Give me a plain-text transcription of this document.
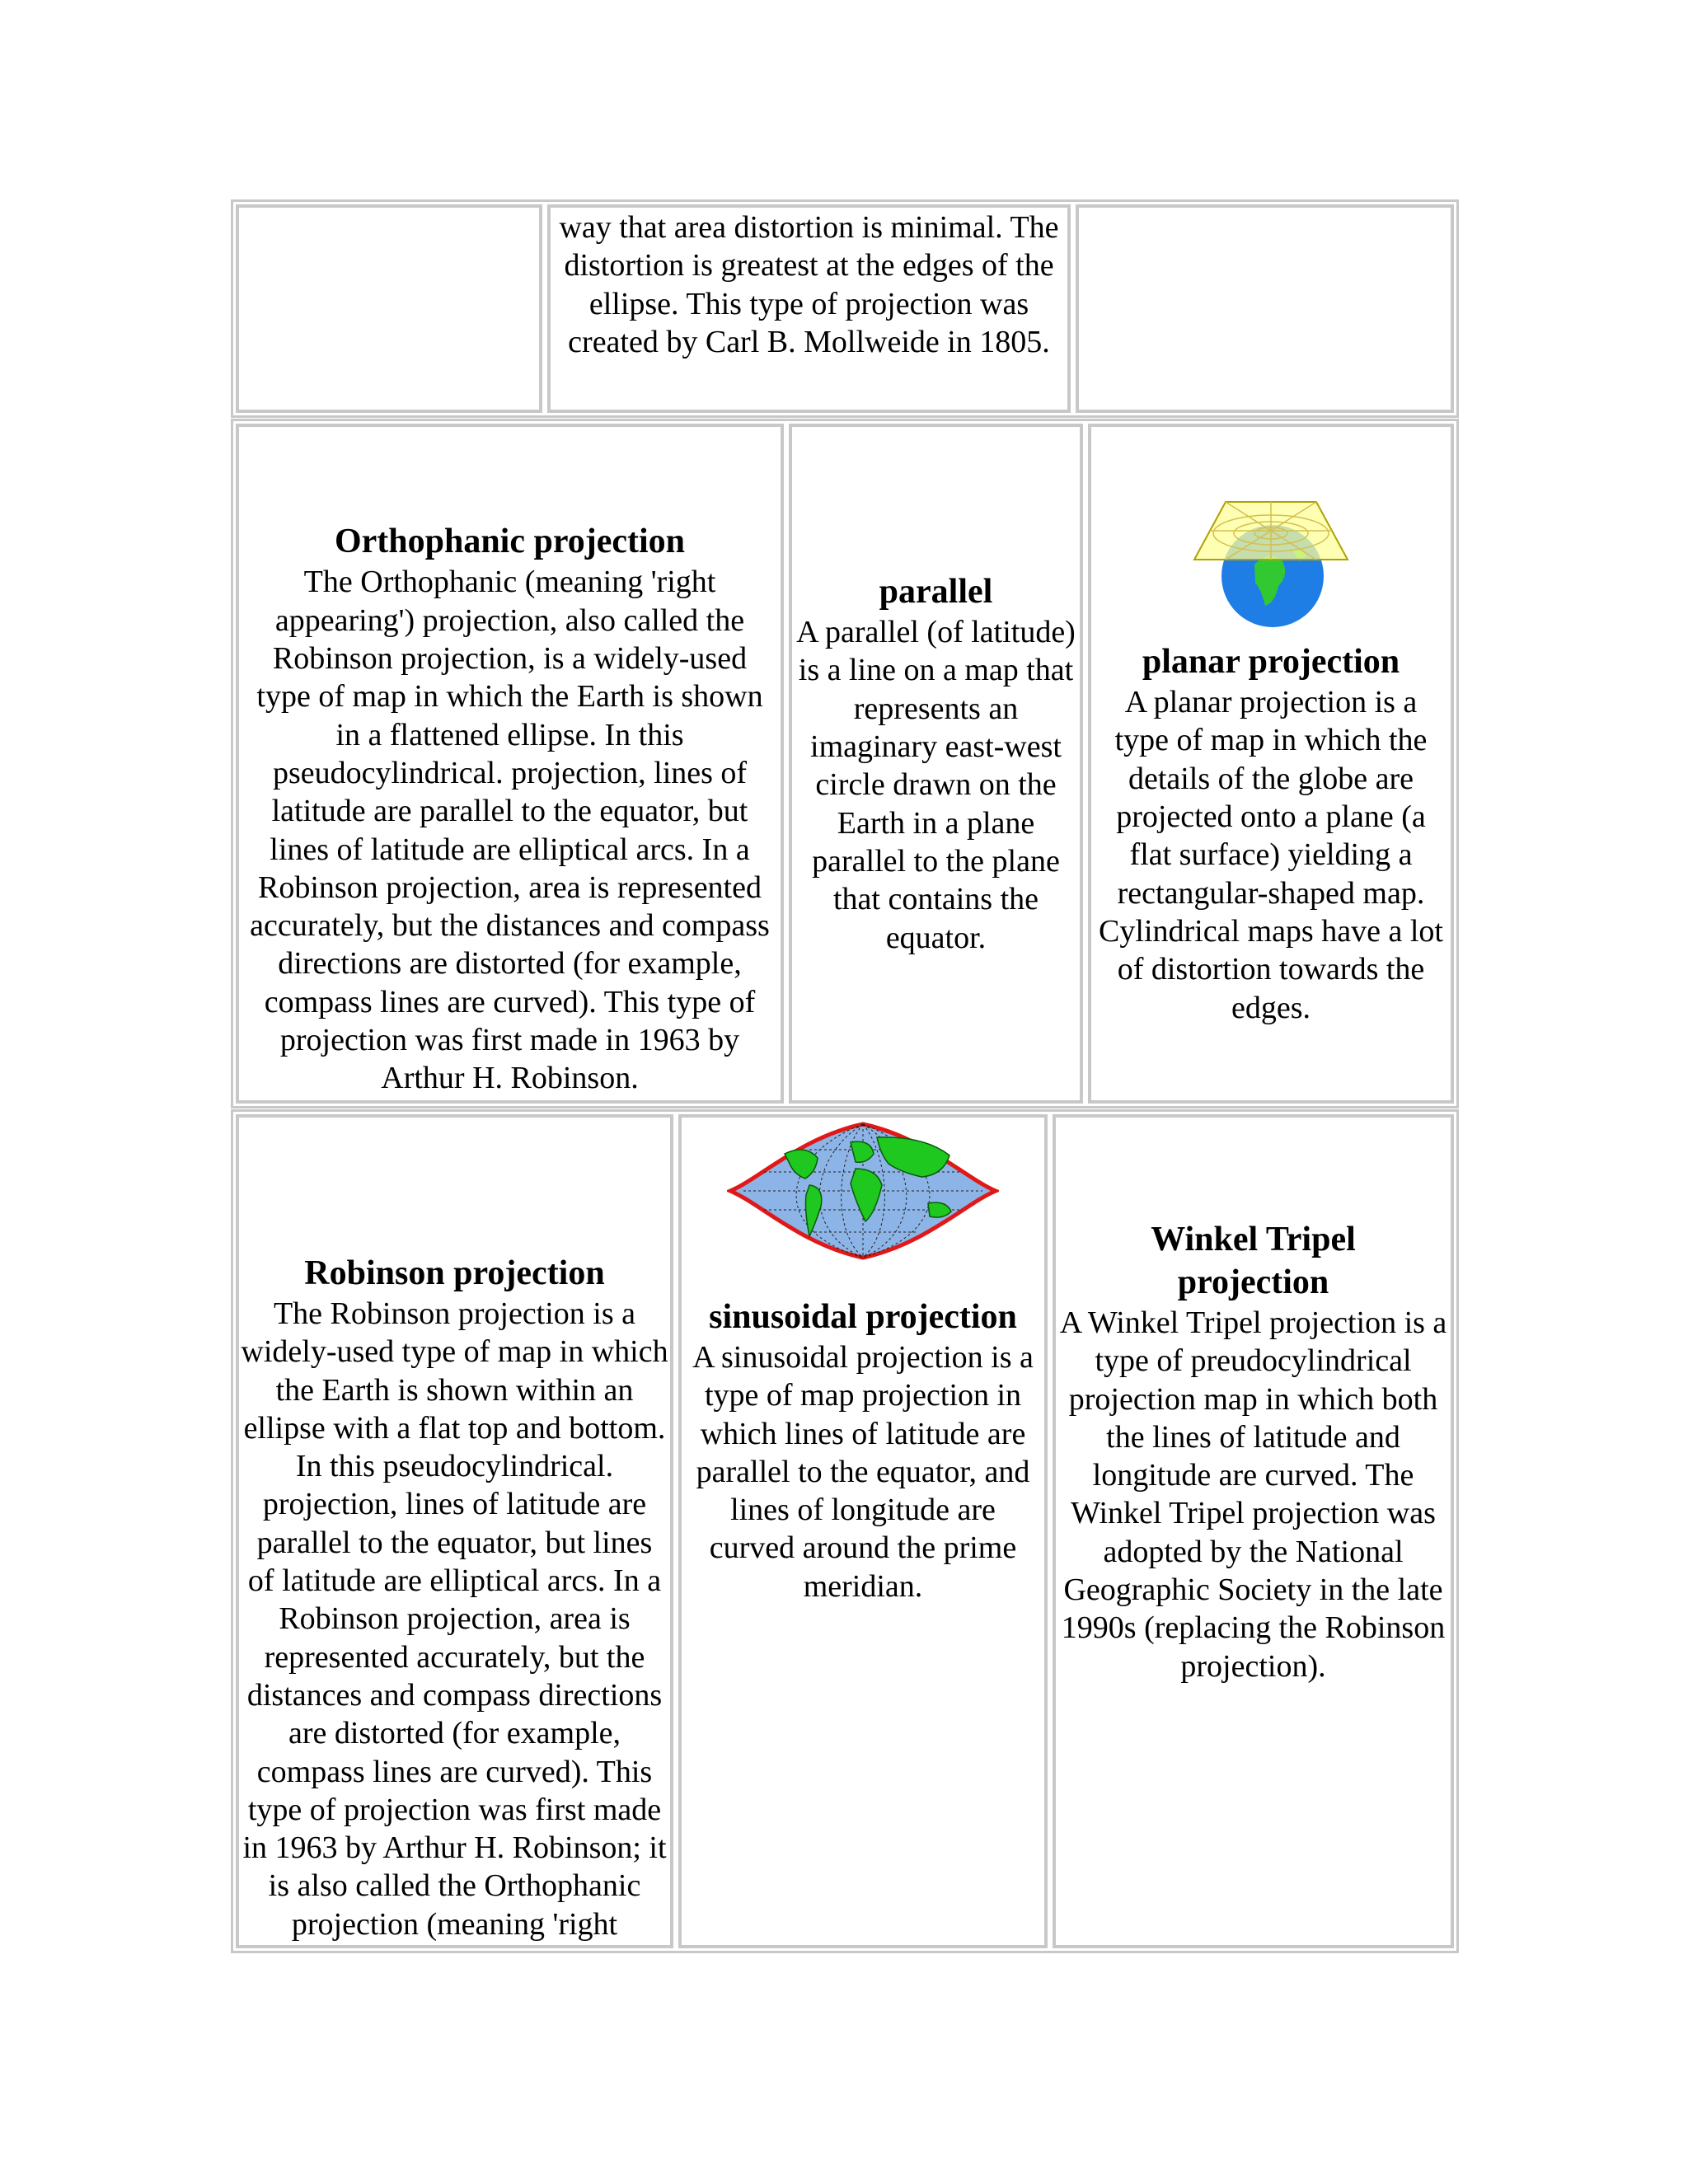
way that area distortion is minimal. The distortion is greatest at the edges of the ellipse. This type of projection was created by Carl B. Mollweide in 1805.
Orthophanic projection
The Orthophanic (meaning 'right appearing') projection, also called the Robinson projection, is a widely-used type of map in which the Earth is shown in a flattened ellipse. In this pseudocylindrical. projection, lines of latitude are parallel to the equator, but lines of latitude are elliptical arcs. In a Robinson projection, area is represented accurately, but the distances and compass directions are distorted (for example, compass lines are curved). This type of projection was first made in 1963 by Arthur H. Robinson.
parallel
A parallel (of latitude) is a line on a map that represents an imaginary east-west circle drawn on the Earth in a plane parallel to the plane that contains the equator.
planar projection
A planar projection is a type of map in which the details of the globe are projected onto a plane (a flat surface) yielding a rectangular-shaped map. Cylindrical maps have a lot of distortion towards the edges.
Robinson projection
The Robinson projection is a widely-used type of map in which the Earth is shown within an ellipse with a flat top and bottom. In this pseudocylindrical. projection, lines of latitude are parallel to the equator, but lines of latitude are elliptical arcs. In a Robinson projection, area is represented accurately, but the distances and compass directions are distorted (for example, compass lines are curved). This type of projection was first made in 1963 by Arthur H. Robinson; it is also called the Orthophanic projection (meaning 'right
sinusoidal projection
A sinusoidal projection is a type of map projection in which lines of latitude are parallel to the equator, and lines of longitude are curved around the prime meridian.
Winkel Tripel projection
A Winkel Tripel projection is a type of preudocylindrical projection map in which both the lines of latitude and longitude are curved. The Winkel Tripel projection was adopted by the National Geographic Society in the late 1990s (replacing the Robinson projection).
